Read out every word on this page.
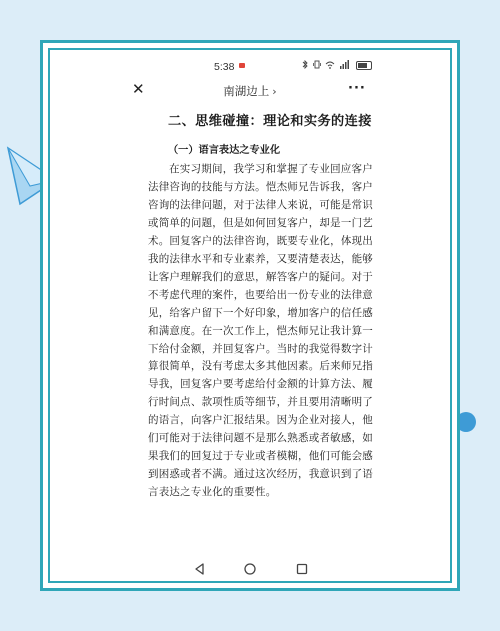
5:38

✕	南湖边上 ›	···

二、思维碰撞：理论和实务的连接

（一）语言表达之专业化

在实习期间，我学习和掌握了专业回应客户法律咨询的技能与方法。恺杰师兄告诉我，客户咨询的法律问题，对于法律人来说，可能是常识或简单的问题，但是如何回复客户，却是一门艺术。回复客户的法律咨询，既要专业化，体现出我的法律水平和专业素养，又要清楚表达，能够让客户理解我们的意思，解答客户的疑问。对于不考虑代理的案件，也要给出一份专业的法律意见，给客户留下一个好印象，增加客户的信任感和满意度。在一次工作上，恺杰师兄让我计算一下给付金额，并回复客户。当时的我觉得数字计算很简单，没有考虑太多其他因素。后来师兄指导我，回复客户要考虑给付金额的计算方法、履行时间点、款项性质等细节，并且要用清晰明了的语言，向客户汇报结果。因为企业对接人，他们可能对于法律问题不是那么熟悉或者敏感，如果我们的回复过于专业或者模糊，他们可能会感到困惑或者不满。通过这次经历，我意识到了语言表达之专业化的重要性。
